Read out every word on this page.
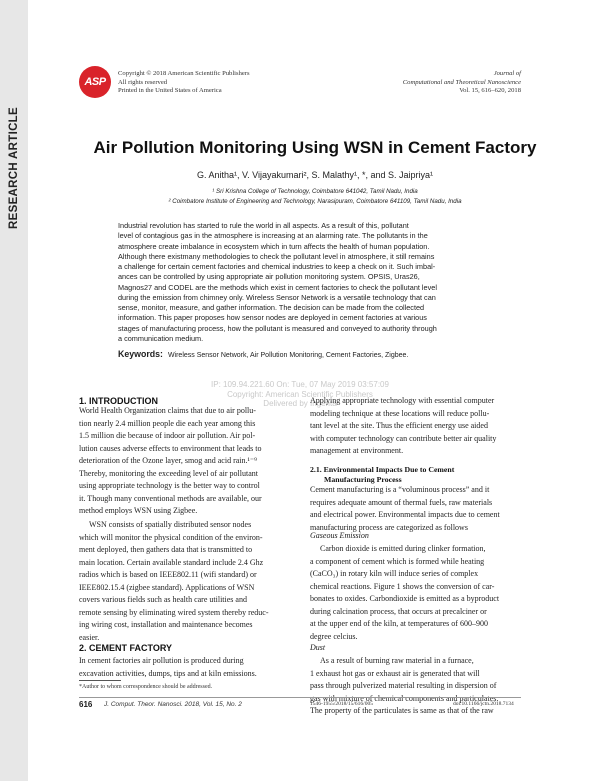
RESEARCH ARTICLE
ASP
Copyright © 2018 American Scientific Publishers
All rights reserved
Printed in the United States of America
Journal of
Computational and Theoretical Nanoscience
Vol. 15, 616–620, 2018
Air Pollution Monitoring Using WSN in Cement Factory
G. Anitha¹, V. Vijayakumari², S. Malathy¹, *, and S. Jaipriya¹
¹ Sri Krishna College of Technology, Coimbatore 641042, Tamil Nadu, India
² Coimbatore Institute of Engineering and Technology, Narasipuram, Coimbatore 641109, Tamil Nadu, India
Industrial revolution has started to rule the world in all aspects. As a result of this, pollutant
level of contagious gas in the atmosphere is increasing at an alarming rate. The pollutants in the
atmosphere create imbalance in ecosystem which in turn affects the health of human population.
Although there existmany methodologies to check the pollutant level in atmosphere, it still remains
a challenge for certain cement factories and chemical industries to keep a check on it. Such imbal-
ances can be controlled by using appropriate air pollution monitoring system. OPSIS, Uras26,
Magnos27 and CODEL are the methods which exist in cement factories to check the pollutant level
during the emission from chimney only. Wireless Sensor Network is a versatile technology that can
sense, monitor, measure, and gather information. The decision can be made from the collected
information. This paper proposes how sensor nodes are deployed in cement factories at various
stages of manufacturing process, how the pollutant is measured and conveyed to authority through
a communication medium.
Keywords: Wireless Sensor Network, Air Pollution Monitoring, Cement Factories, Zigbee.
IP: 109.94.221.60 On: Tue, 07 May 2019 03:57:09
Copyright: American Scientific Publishers
Delivered by Ingenta
1. INTRODUCTION
World Health Organization claims that due to air pollu-
tion nearly 2.4 million people die each year among this
1.5 million die because of indoor air pollution. Air pol-
lution causes adverse effects to environment that leads to
deterioration of the Ozone layer, smog and acid rain.¹⁻⁹
Thereby, monitoring the exceeding level of air pollutant
using appropriate technology is the better way to control
it. Though many conventional methods are available, our
method employs WSN using Zigbee.
WSN consists of spatially distributed sensor nodes
which will monitor the physical condition of the environ-
ment deployed, then gathers data that is transmitted to
main location. Certain available standard include 2.4 Ghz
radios which is based on IEEE802.11 (wifi standard) or
IEEE802.15.4 (zigbee standard). Applications of WSN
covers various fields such as health care utilities and
remote sensing by eliminating wired system thereby reduc-
ing wiring cost, installation and maintenance becomes
easier.
2. CEMENT FACTORY
In cement factories air pollution is produced during
excavation activities, dumps, tips and at kiln emissions.
Applying appropriate technology with essential computer
modeling technique at these locations will reduce pollu-
tant level at the site. Thus the efficient energy use aided
with computer technology can contribute better air quality
management at environment.
2.1. Environmental Impacts Due to Cement
Manufacturing Process
Cement manufacturing is a “voluminous process” and it
requires adequate amount of thermal fuels, raw materials
and electrical power. Environmental impacts due to cement
manufacturing process are categorized as follows
Gaseous Emission
Carbon dioxide is emitted during clinker formation,
a component of cement which is formed while heating
(CaCO₃) in rotary kiln will induce series of complex
chemical reactions. Figure 1 shows the conversion of car-
bonates to oxides. Carbondioxide is emitted as a byproduct
during calcination process, that occurs at precalciner or
at the upper end of the kiln, at temperatures of 600–900
degree celcius.
Dust
As a result of burning raw material in a furnace,
1 exhaust hot gas or exhaust air is generated that will
pass through pulverized material resulting in dispersion of
gas with mixture of chemical components and particulates.
The property of the particulates is same as that of the raw
*Author to whom correspondence should be addressed.
616 J. Comput. Theor. Nanosci. 2018, Vol. 15, No. 2	1546-1955/2018/15/616/005	doi:10.1166/jctn.2018.7134
